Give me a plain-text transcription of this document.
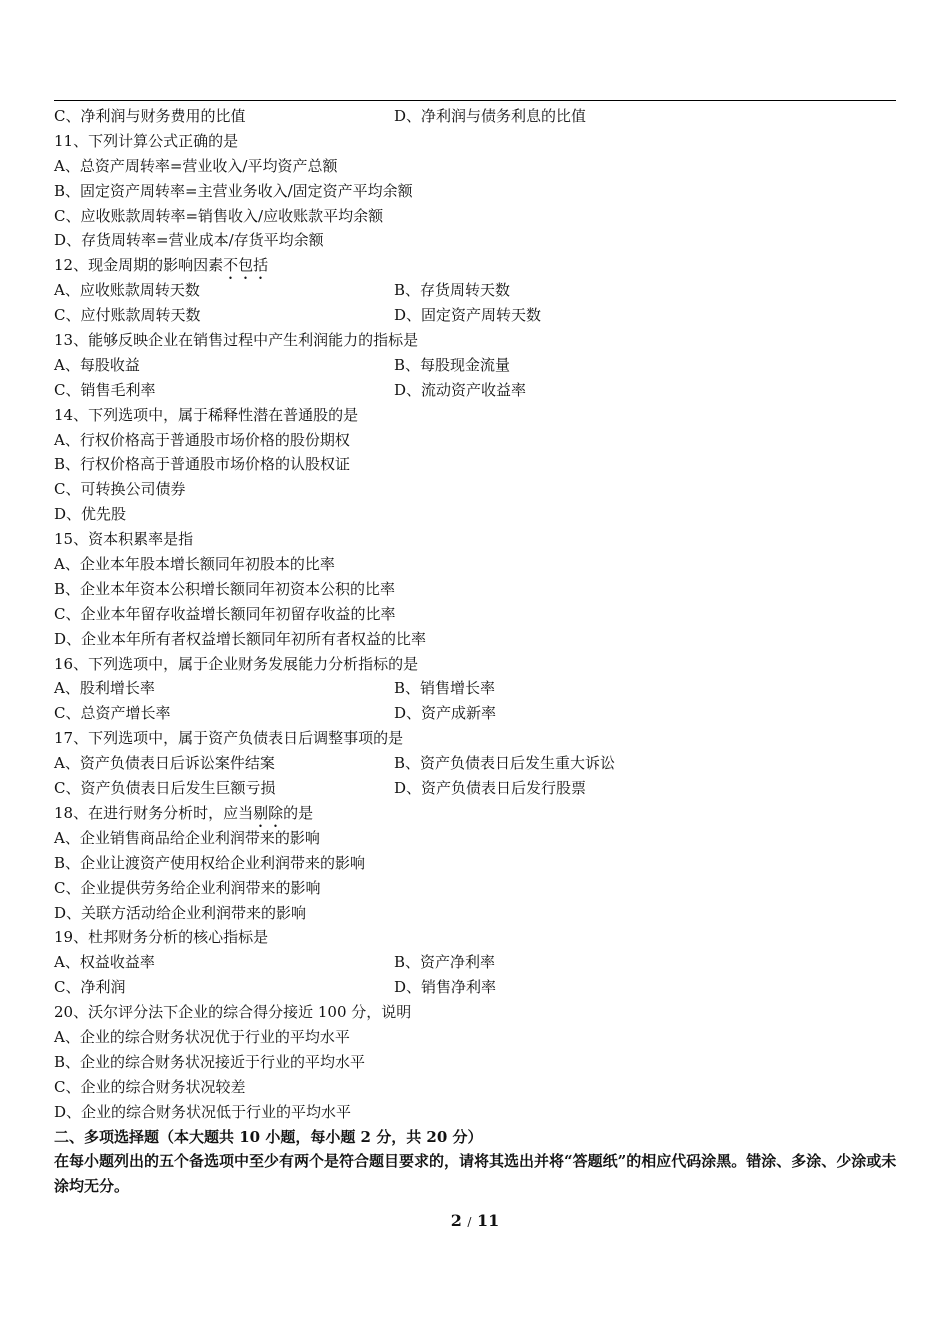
C、净利润与财务费用的比值	D、净利润与债务利息的比值
11、下列计算公式正确的是
A、总资产周转率=营业收入/平均资产总额
B、固定资产周转率=主营业务收入/固定资产平均余额
C、应收账款周转率=销售收入/应收账款平均余额
D、存货周转率=营业成本/存货平均余额
12、现金周期的影响因素不包括
A、应收账款周转天数	B、存货周转天数
C、应付账款周转天数	D、固定资产周转天数
13、能够反映企业在销售过程中产生利润能力的指标是
A、每股收益	B、每股现金流量
C、销售毛利率	D、流动资产收益率
14、下列选项中，属于稀释性潜在普通股的是
A、行权价格高于普通股市场价格的股份期权
B、行权价格高于普通股市场价格的认股权证
C、可转换公司债券
D、优先股
15、资本积累率是指
A、企业本年股本增长额同年初股本的比率
B、企业本年资本公积增长额同年初资本公积的比率
C、企业本年留存收益增长额同年初留存收益的比率
D、企业本年所有者权益增长额同年初所有者权益的比率
16、下列选项中，属于企业财务发展能力分析指标的是
A、股利增长率	B、销售增长率
C、总资产增长率	D、资产成新率
17、下列选项中，属于资产负债表日后调整事项的是
A、资产负债表日后诉讼案件结案	B、资产负债表日后发生重大诉讼
C、资产负债表日后发生巨额亏损	D、资产负债表日后发行股票
18、在进行财务分析时，应当剔除的是
A、企业销售商品给企业利润带来的影响
B、企业让渡资产使用权给企业利润带来的影响
C、企业提供劳务给企业利润带来的影响
D、关联方活动给企业利润带来的影响
19、杜邦财务分析的核心指标是
A、权益收益率	B、资产净利率
C、净利润	D、销售净利率
20、沃尔评分法下企业的综合得分接近 100 分，说明
A、企业的综合财务状况优于行业的平均水平
B、企业的综合财务状况接近于行业的平均水平
C、企业的综合财务状况较差
D、企业的综合财务状况低于行业的平均水平
二、多项选择题（本大题共 10 小题，每小题 2 分，共 20 分）
在每小题列出的五个备选项中至少有两个是符合题目要求的，请将其选出并将“答题纸”的相应代码涂黑。错涂、多涂、少涂或未涂均无分。
2 / 11
